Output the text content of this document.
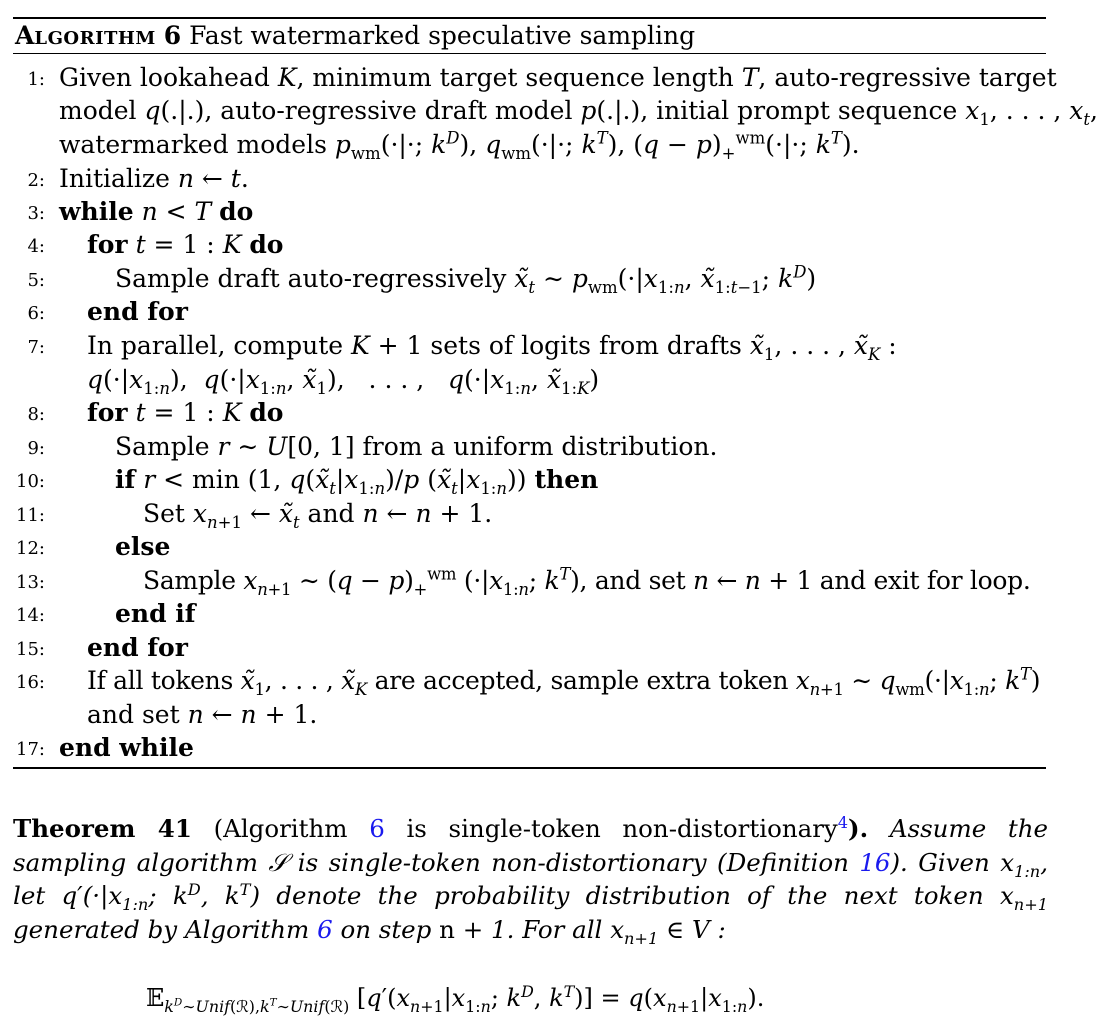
ALGORITHM 6 Fast watermarked speculative sampling
1: Given lookahead K, minimum target sequence length T, auto-regressive target
model q(.|.), auto-regressive draft model p(.|.), initial prompt sequence $x_1$, . . . , $x_t$,
watermarked models $p_{wm}(\cdot|\cdot$; $k^D$), $q_{wm}(\cdot|\cdot$; $k^T$), $(q - p)_+^{wm}(\cdot|\cdot$; $k^T$).
2: Initialize n ← t.
3: while n < T do
4: for t = 1 : K do
5:	Sample draft auto-regressively $x̃_t$ ∼ $p_{wm}(\cdot|x_{1:n}$, $x̃_{1:t-1}$; $k^D$)
6: end for
7: In parallel, compute K + 1 sets of logits from drafts $x̃_1$, . . . , $x̃_K$ :
$q(\cdot|x_{1:n})$,  $q(\cdot|x_{1:n}$, $x̃_1$),   . . . ,   $q(\cdot|x_{1:n}$, $x̃_{1:K}$)
8: for t = 1 : K do
9:	Sample r ∼ U[0, 1] from a uniform distribution.
10:	if r < min (1, $q(x̃_t|x_{1:n})/p$ $(x̃_t|x_{1:n})$) then
11:	Set $x_{n+1}$ ← $x̃_t$ and n ← n + 1.
12:	else
13:	Sample $x_{n+1}$ ∼ $(q - p)_+^{wm}$ ($\cdot|x_{1:n}$; $k^T$), and set n ← n + 1 and exit for loop.
14:	end if
15: end for
16: If all tokens $x̃_1$, . . . , $x̃_K$ are accepted, sample extra token $x_{n+1}$ ∼ $q_{wm}(\cdot|x_{1:n}$; $k^T$)
and set n ← n + 1.
17: end while
Theorem 41 (Algorithm 6 is single-token non-distortionary$^4$). Assume the sampling algorithm 𝒮 is single-token non-distortionary (Definition 16). Given $x_{1:n}$, let $q'(\cdot|x_{1:n}$; $k^D$, $k^T$) denote the probability distribution of the next token $x_{n+1}$ generated by Algorithm 6 on step n + 1. For all $x_{n+1}$ ∈ V :
𝔼$_{k^D\sim Unif(ℛ),k^T\sim Unif(ℛ)}$ [$q'(x_{n+1}|x_{1:n}$; $k^D$, $k^T)] = q(x_{n+1}|x_{1:n})$.
